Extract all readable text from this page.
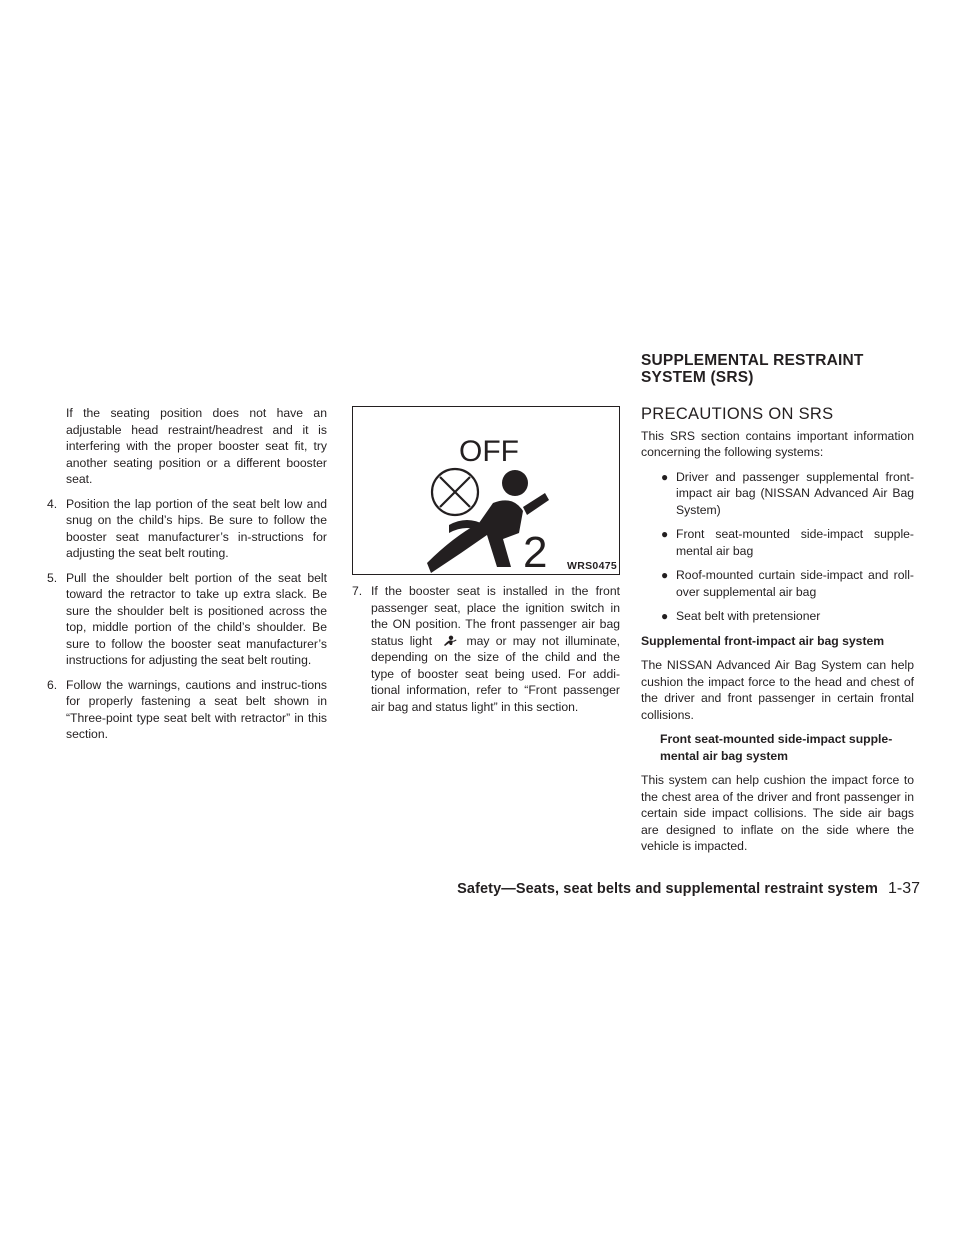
SUPPLEMENTAL RESTRAINT
SYSTEM (SRS)

If the seating position does not have an adjustable head restraint/headrest and it is interfering with the proper booster seat fit, try another seating position or a different booster seat.

4. Position the lap portion of the seat belt low and snug on the child’s hips. Be sure to follow the booster seat manufacturer’s in-structions for adjusting the seat belt routing.
5. Pull the shoulder belt portion of the seat belt toward the retractor to take up extra slack. Be sure the shoulder belt is positioned across the top, middle portion of the child’s shoulder. Be sure to follow the booster seat manufacturer’s instructions for adjusting the seat belt routing.
6. Follow the warnings, cautions and instruc-tions for properly fastening a seat belt shown in “Three-point type seat belt with retractor” in this section.
OFF
2 WRS0475
7. If the booster seat is installed in the front passenger seat, place the ignition switch in the ON position. The front passenger air bag status light	may or may not illuminate, depending on the size of the child and the type of booster seat being used. For addi-tional information, refer to “Front passenger air bag and status light” in this section.
PRECAUTIONS ON SRS

This SRS section contains important information concerning the following systems:

● Driver and passenger supplemental front-impact air bag (NISSAN Advanced Air Bag System)
● Front seat-mounted side-impact supple-mental air bag
● Roof-mounted curtain side-impact and roll-over supplemental air bag
● Seat belt with pretensioner
Supplemental front-impact air bag system

The NISSAN Advanced Air Bag System can help cushion the impact force to the head and chest of the driver and front passenger in certain frontal collisions.

Front seat-mounted side-impact supple-mental air bag system

This system can help cushion the impact force to the chest area of the driver and front passenger in certain side impact collisions. The side air bags are designed to inflate on the side where the vehicle is impacted.

Safety—Seats, seat belts and supplemental restraint system 1-37
